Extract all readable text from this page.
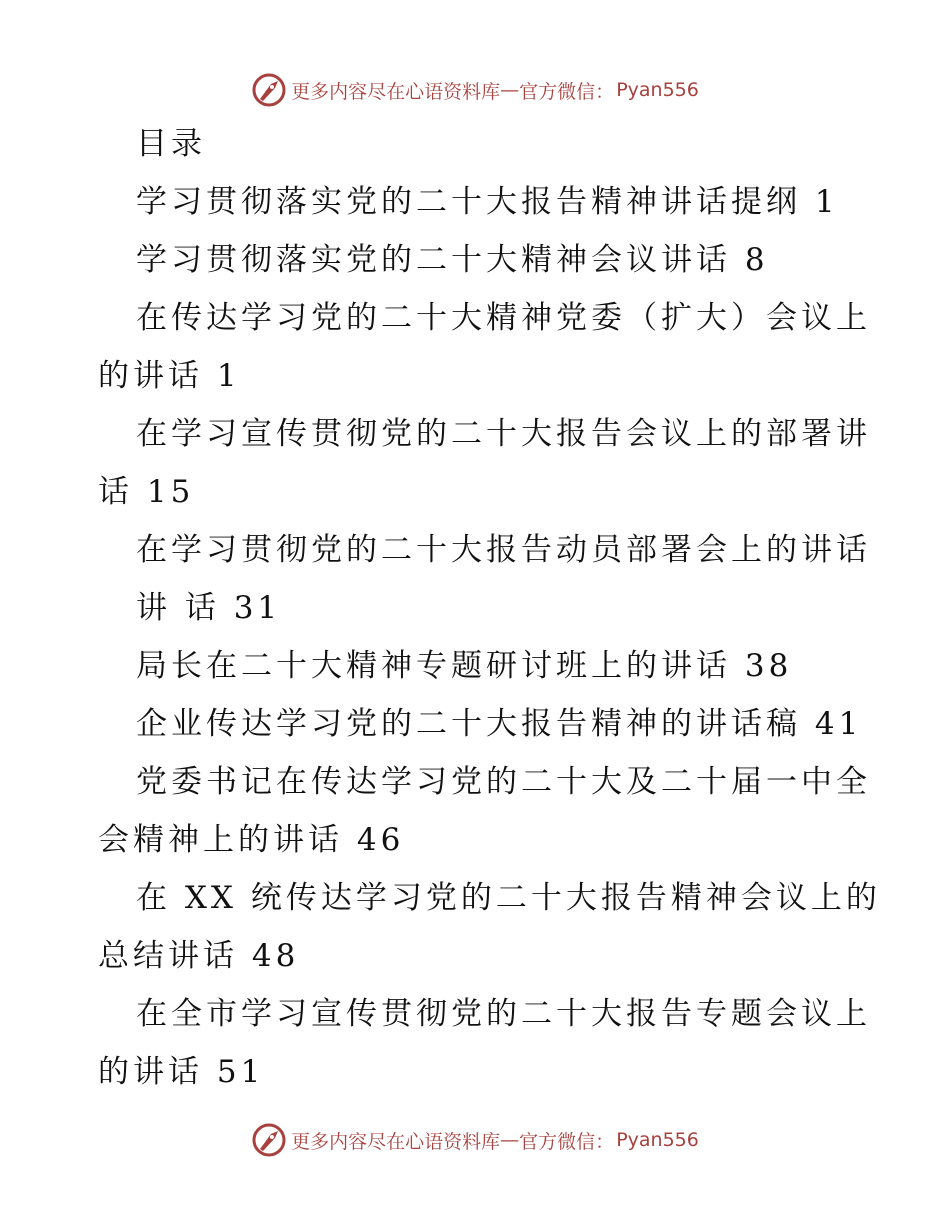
更多内容尽在心语资料库 — 官方微信： Pyan556
目录
学习贯彻落实党的二十大报告精神讲话提纲 1
学习贯彻落实党的二十大精神会议讲话 8
在传达学习党的二十大精神党委（扩大）会议上
的讲话 1
在学习宣传贯彻党的二十大报告会议上的部署讲
话 15
在学习贯彻党的二十大报告动员部署会上的讲话
讲 话 31
局长在二十大精神专题研讨班上的讲话 38
企业传达学习党的二十大报告精神的讲话稿 41
党委书记在传达学习党的二十大及二十届一中全
会精神上的讲话 46
在 XX 统传达学习党的二十大报告精神会议上的
总结讲话 48
在全市学习宣传贯彻党的二十大报告专题会议上
的讲话 51
更多内容尽在心语资料库 — 官方微信： Pyan556
